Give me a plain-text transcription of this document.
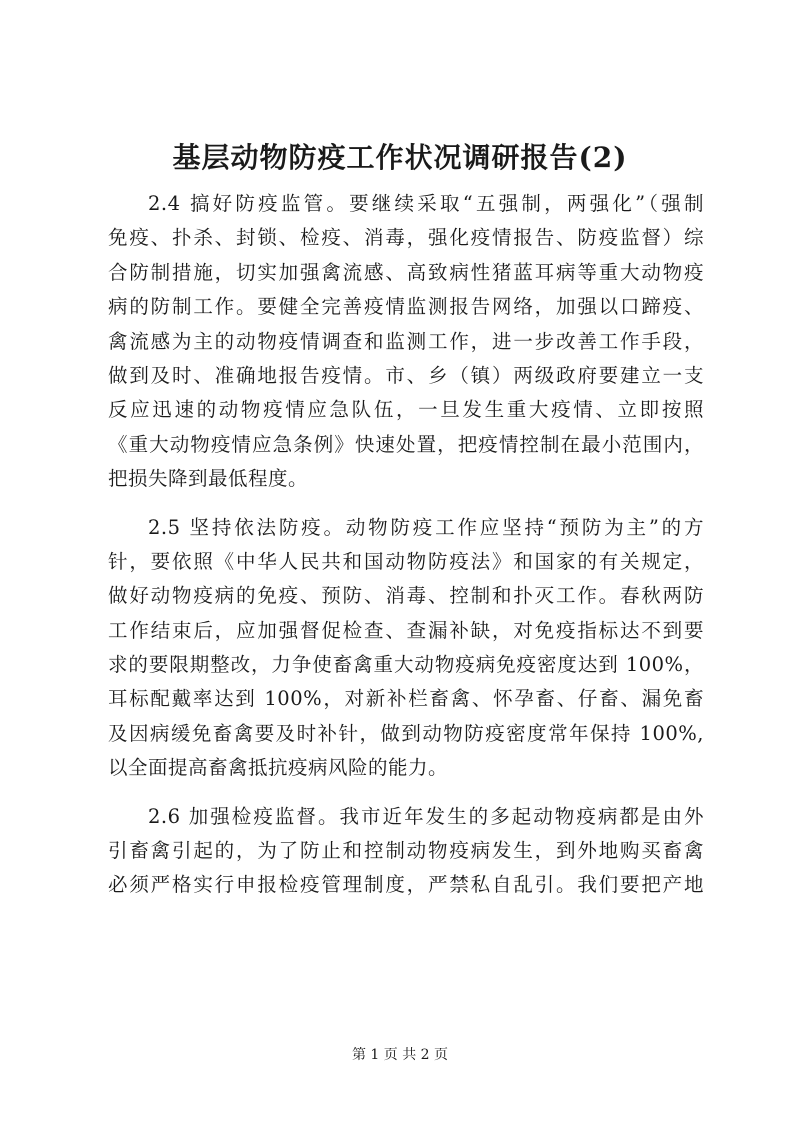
基层动物防疫工作状况调研报告(2)
2.4 搞好防疫监管。要继续采取“五强制，两强化”（强制
免疫、扑杀、封锁、检疫、消毒，强化疫情报告、防疫监督）综
合防制措施，切实加强禽流感、高致病性猪蓝耳病等重大动物疫
病的防制工作。要健全完善疫情监测报告网络，加强以口蹄疫、
禽流感为主的动物疫情调查和监测工作，进一步改善工作手段，
做到及时、准确地报告疫情。市、乡（镇）两级政府要建立一支
反应迅速的动物疫情应急队伍，一旦发生重大疫情、立即按照
《重大动物疫情应急条例》快速处置，把疫情控制在最小范围内，
把损失降到最低程度。
2.5 坚持依法防疫。动物防疫工作应坚持“预防为主”的方
针，要依照《中华人民共和国动物防疫法》和国家的有关规定，
做好动物疫病的免疫、预防、消毒、控制和扑灭工作。春秋两防
工作结束后，应加强督促检查、查漏补缺，对免疫指标达不到要
求的要限期整改，力争使畜禽重大动物疫病免疫密度达到 100%，
耳标配戴率达到 100%，对新补栏畜禽、怀孕畜、仔畜、漏免畜
及因病缓免畜禽要及时补针，做到动物防疫密度常年保持 100%,
以全面提高畜禽抵抗疫病风险的能力。
2.6 加强检疫监督。我市近年发生的多起动物疫病都是由外
引畜禽引起的，为了防止和控制动物疫病发生，到外地购买畜禽
必须严格实行申报检疫管理制度，严禁私自乱引。我们要把产地
第 1 页 共 2 页
